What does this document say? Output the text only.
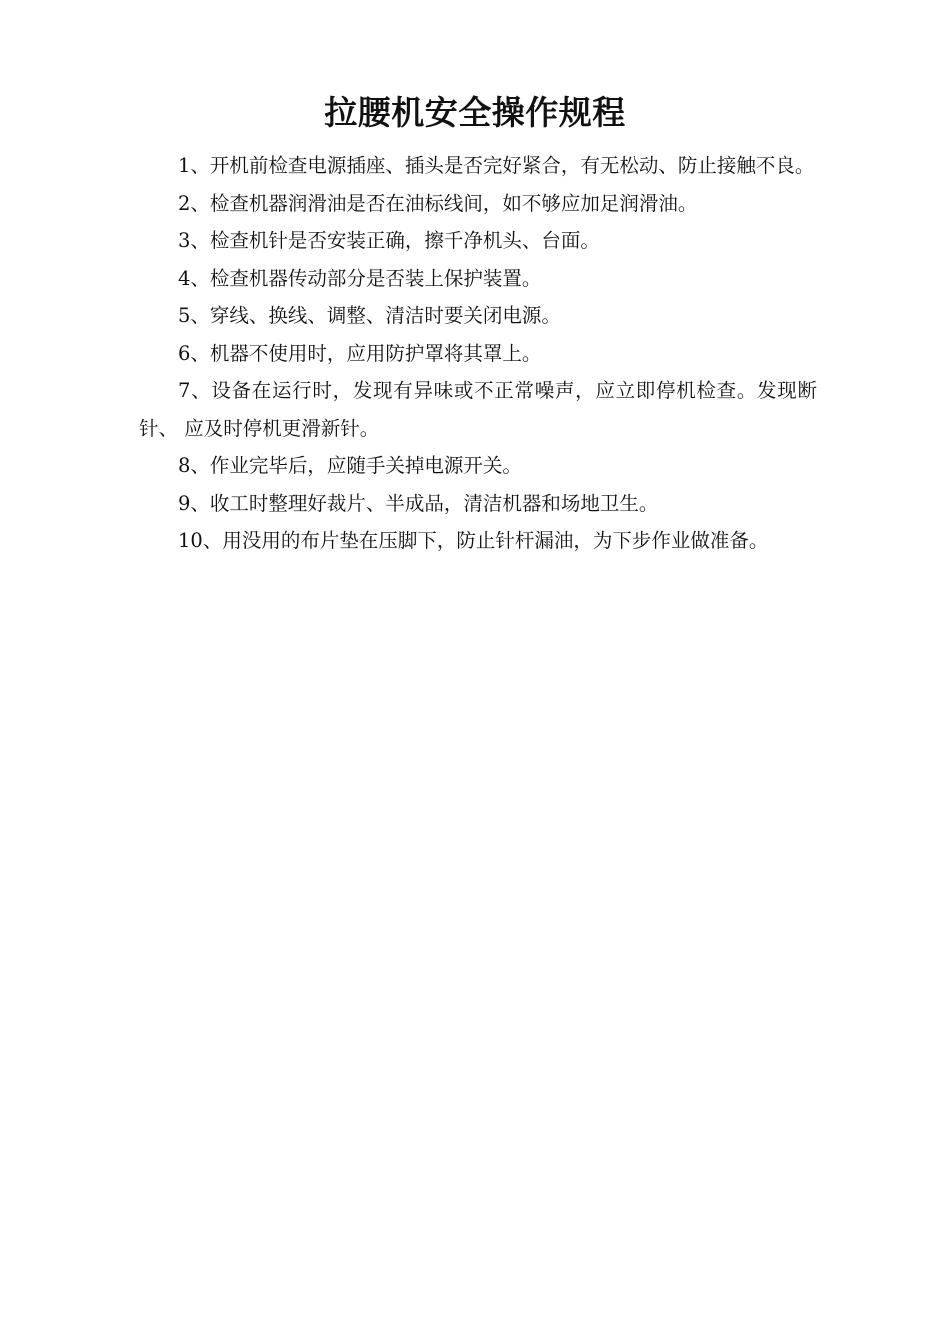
拉腰机安全操作规程

1、开机前检查电源插座、插头是否完好紧合，有无松动、防止接触不良。

2、检查机器润滑油是否在油标线间，如不够应加足润滑油。

3、检查机针是否安装正确，擦千净机头、台面。

4、检查机器传动部分是否装上保护装置。

5、穿线、换线、调整、清洁时要关闭电源。

6、机器不使用时，应用防护罩将其罩上。

7、设备在运行时，发现有异味或不正常噪声，应立即停机检查。发现断针、 应及时停机更滑新针。

8、作业完毕后，应随手关掉电源开关。

9、收工时整理好裁片、半成品，清洁机器和场地卫生。

10、用没用的布片垫在压脚下，防止针杆漏油，为下步作业做准备。
